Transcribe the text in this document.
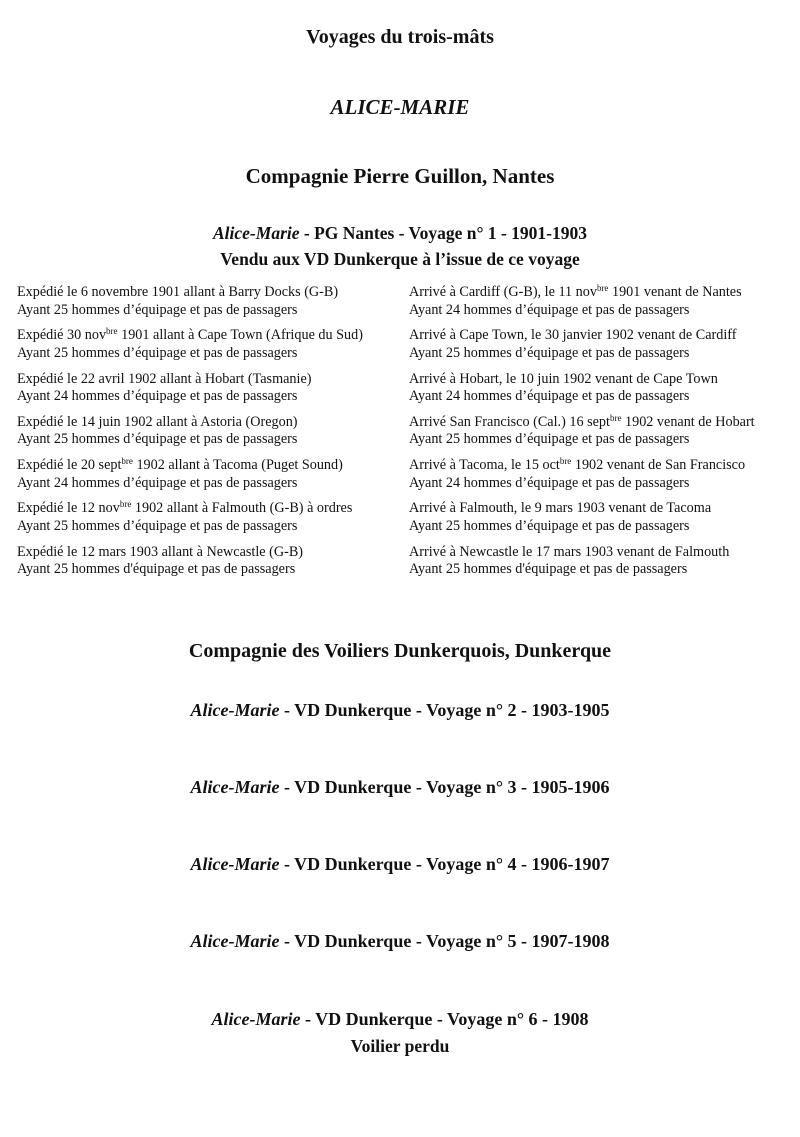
Voyages du trois-mâts
ALICE-MARIE
Compagnie Pierre Guillon, Nantes
Alice-Marie - PG Nantes - Voyage n° 1 - 1901-1903
Vendu aux VD Dunkerque à l’issue de ce voyage
Expédié le 6 novembre 1901 allant à Barry Docks (G-B)
Ayant 25 hommes d’équipage et pas de passagers
Arrivé à Cardiff (G-B), le 11 nov$^{bre}$ 1901 venant de Nantes
Ayant 24 hommes d’équipage et pas de passagers
Expédié 30 nov$^{bre}$ 1901 allant à Cape Town (Afrique du Sud)
Ayant 25 hommes d’équipage et pas de passagers
Arrivé à Cape Town, le 30 janvier 1902 venant de Cardiff
Ayant 25 hommes d’équipage et pas de passagers
Expédié le 22 avril 1902 allant à Hobart (Tasmanie)
Ayant 24 hommes d’équipage et pas de passagers
Arrivé à Hobart, le 10 juin 1902 venant de Cape Town
Ayant 24 hommes d’équipage et pas de passagers
Expédié le 14 juin 1902 allant à Astoria (Oregon)
Ayant 25 hommes d’équipage et pas de passagers
Arrivé San Francisco (Cal.) 16 sept$^{bre}$ 1902 venant de Hobart
Ayant 25 hommes d’équipage et pas de passagers
Expédié le 20 sept$^{bre}$ 1902 allant à Tacoma (Puget Sound)
Ayant 24 hommes d’équipage et pas de passagers
Arrivé à Tacoma, le 15 oct$^{bre}$ 1902 venant de San Francisco
Ayant 24 hommes d’équipage et pas de passagers
Expédié le 12 nov$^{bre}$ 1902 allant à Falmouth (G-B) à ordres
Ayant 25 hommes d’équipage et pas de passagers
Arrivé à Falmouth, le 9 mars 1903 venant de Tacoma
Ayant 25 hommes d’équipage et pas de passagers
Expédié le 12 mars 1903 allant à Newcastle (G-B)
Ayant 25 hommes d'équipage et pas de passagers
Arrivé à Newcastle le 17 mars 1903 venant de Falmouth
Ayant 25 hommes d'équipage et pas de passagers
Compagnie des Voiliers Dunkerquois, Dunkerque
Alice-Marie - VD Dunkerque - Voyage n° 2 - 1903-1905
Alice-Marie - VD Dunkerque - Voyage n° 3 - 1905-1906
Alice-Marie - VD Dunkerque - Voyage n° 4 - 1906-1907
Alice-Marie - VD Dunkerque - Voyage n° 5 - 1907-1908
Alice-Marie - VD Dunkerque - Voyage n° 6 - 1908
Voilier perdu
